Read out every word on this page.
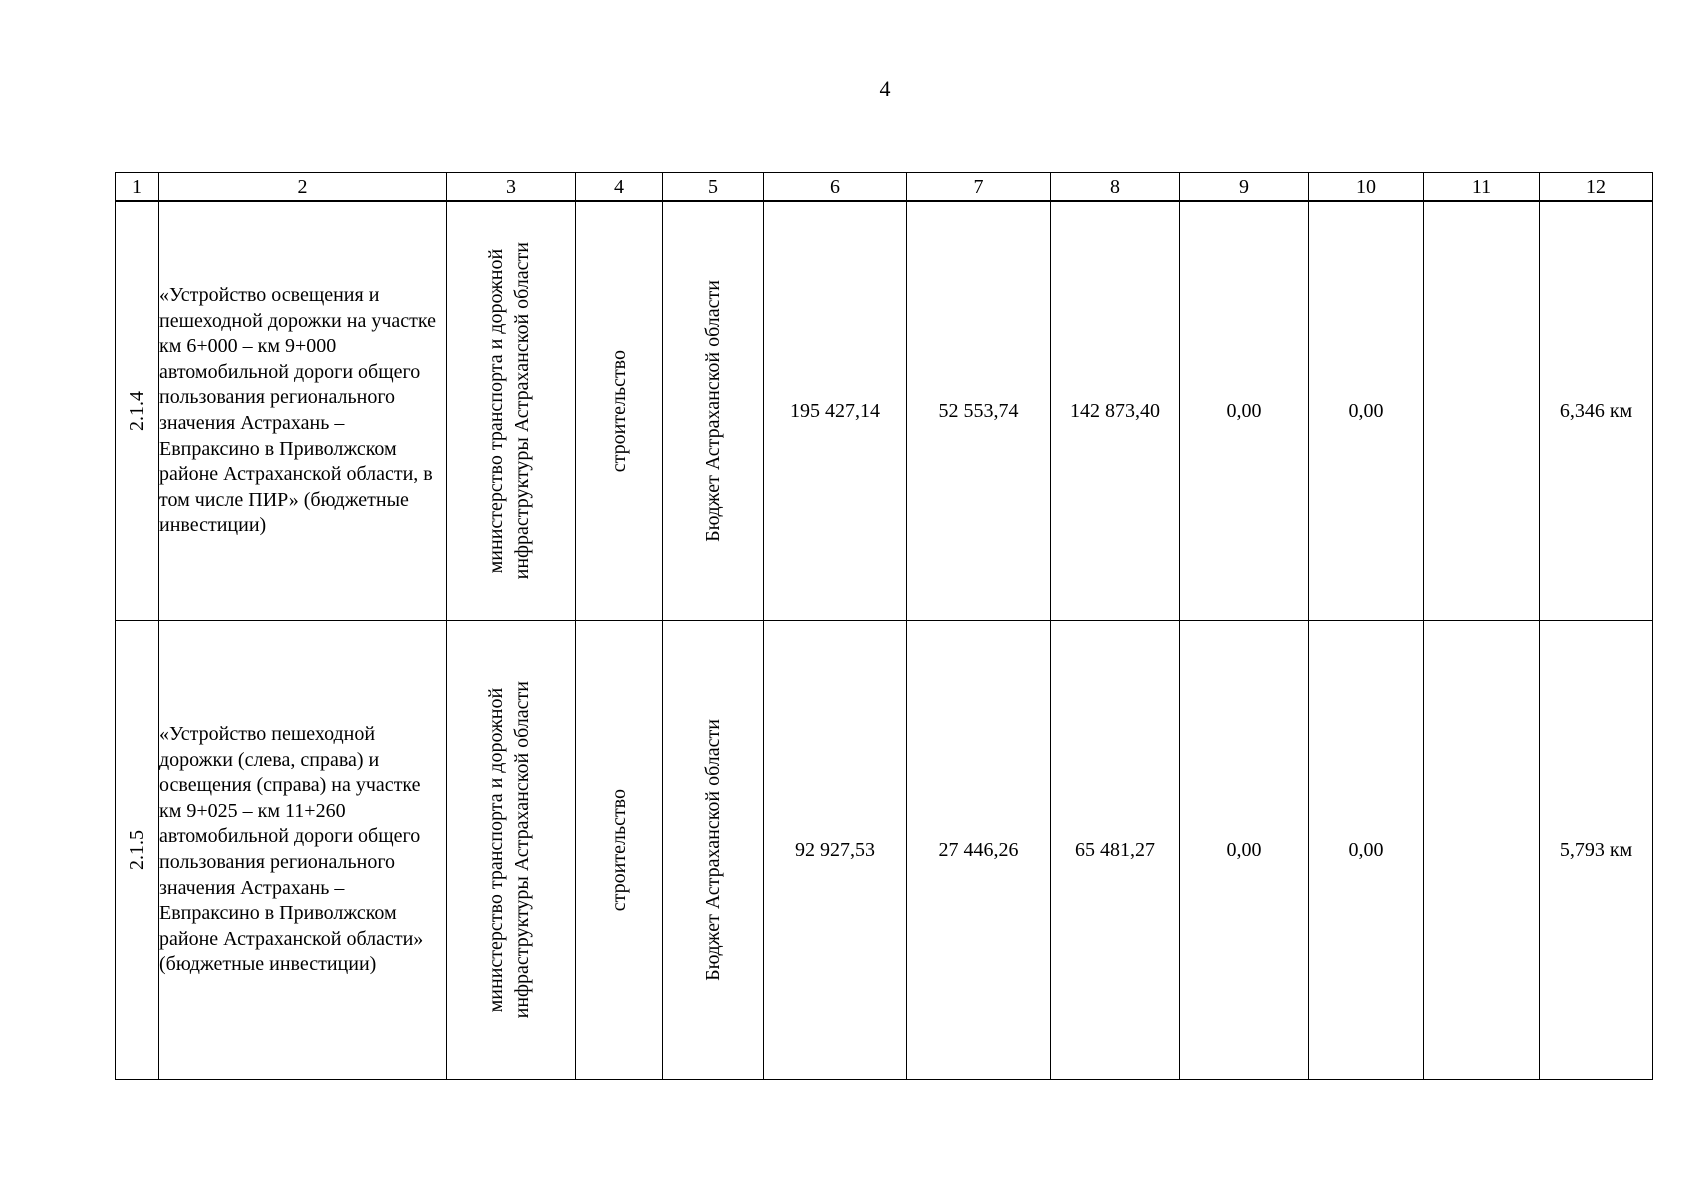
4
1	2	3	4	5	6	7	8	9	10	11	12

2.1.4	«Устройство освещения и пешеходной дорожки на участке км 6+000 – км 9+000 автомобильной дороги общего пользования регионального значения Астрахань – Евпраксино в Приволжском районе Астраханской области, в том числе ПИР» (бюджетные инвестиции)	министерство транспорта и дорожной инфраструктуры Астраханской области	строительство	Бюджет Астраханской области	195 427,14	52 553,74	142 873,40	0,00	0,00		6,346 км

2.1.5	«Устройство пешеходной дорожки (слева, справа) и освещения (справа) на участке км 9+025 – км 11+260 автомобильной дороги общего пользования регионального значения Астрахань – Евпраксино в Приволжском районе Астраханской области» (бюджетные инвестиции)	министерство транспорта и дорожной инфраструктуры Астраханской области	строительство	Бюджет Астраханской области	92 927,53	27 446,26	65 481,27	0,00	0,00		5,793 км
